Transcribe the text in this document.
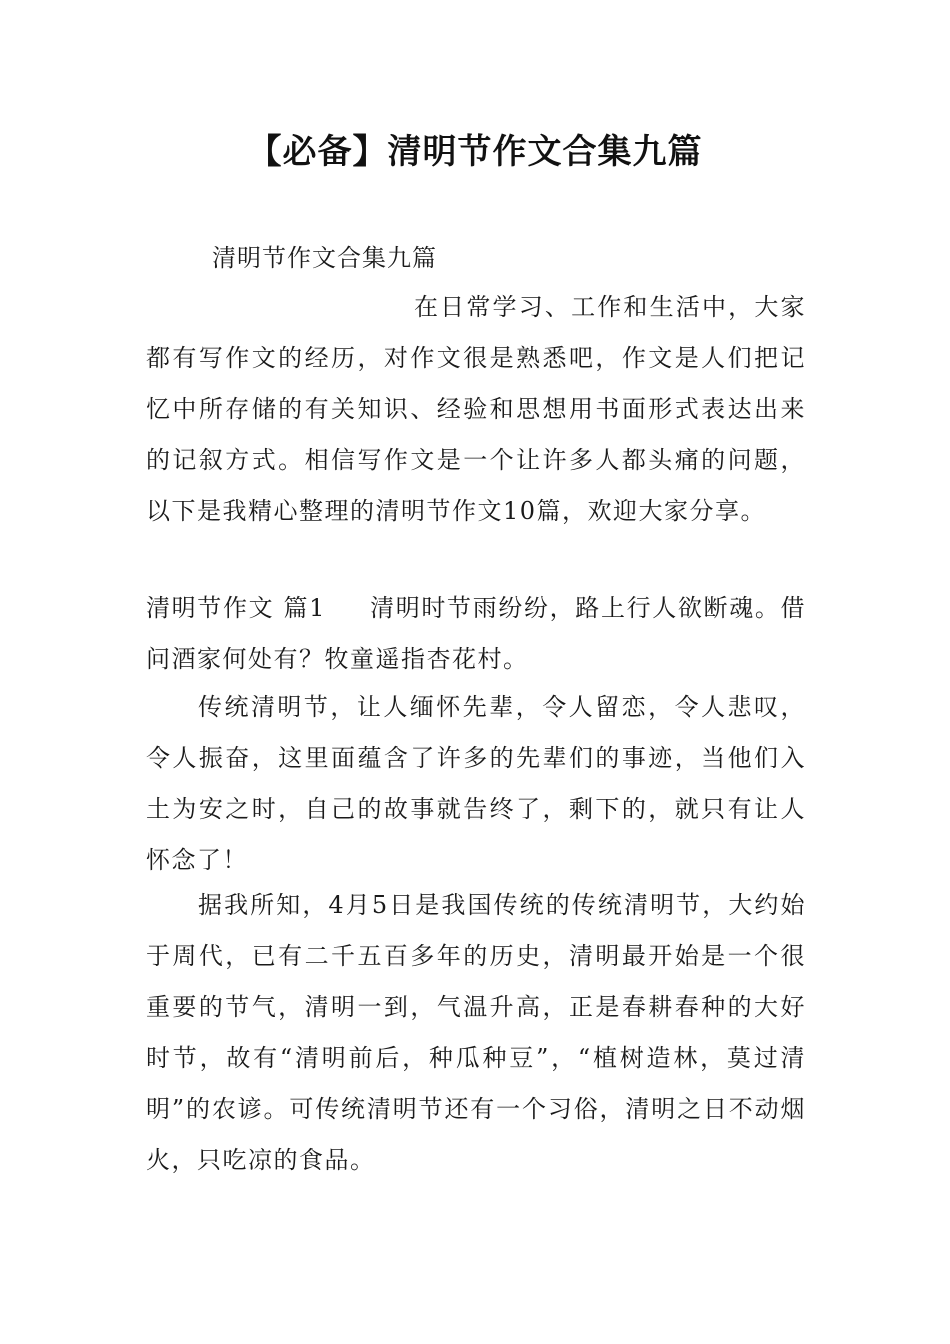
【必备】清明节作文合集九篇

清明节作文合集九篇

在日常学习、工作和生活中，大家都有写作文的经历，对作文很是熟悉吧，作文是人们把记忆中所存储的有关知识、经验和思想用书面形式表达出来的记叙方式。相信写作文是一个让许多人都头痛的问题，以下是我精心整理的清明节作文10篇，欢迎大家分享。

清明节作文 篇1 清明时节雨纷纷，路上行人欲断魂。借问酒家何处有？牧童遥指杏花村。

传统清明节，让人缅怀先辈，令人留恋，令人悲叹，令人振奋，这里面蕴含了许多的先辈们的事迹，当他们入土为安之时，自己的故事就告终了，剩下的，就只有让人怀念了！

据我所知，4月5日是我国传统的传统清明节，大约始于周代，已有二千五百多年的历史，清明最开始是一个很重要的节气，清明一到，气温升高，正是春耕春种的大好时节，故有“清明前后，种瓜种豆”，“植树造林，莫过清明”的农谚。可传统清明节还有一个习俗，清明之日不动烟火，只吃凉的食品。
